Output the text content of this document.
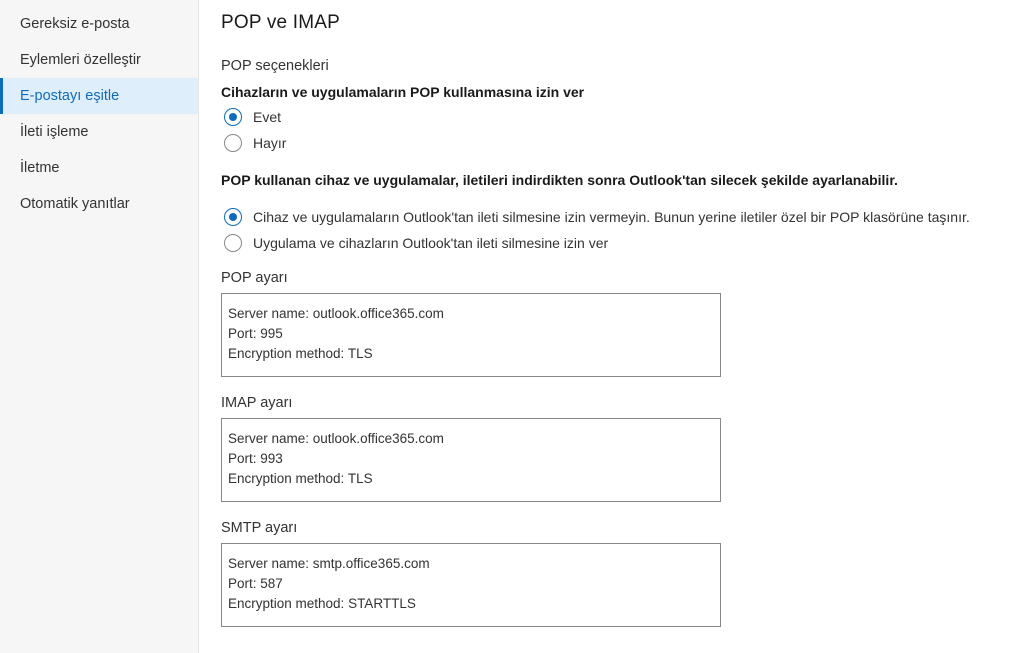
Gereksiz e-posta
Eylemleri özelleştir
E-postayı eşitle
İleti işleme
İletme
Otomatik yanıtlar
POP ve IMAP
POP seçenekleri
Cihazların ve uygulamaların POP kullanmasına izin ver
Evet
Hayır
POP kullanan cihaz ve uygulamalar, iletileri indirdikten sonra Outlook'tan silecek şekilde ayarlanabilir.
Cihaz ve uygulamaların Outlook'tan ileti silmesine izin vermeyin. Bunun yerine iletiler özel bir POP klasörüne taşınır.
Uygulama ve cihazların Outlook'tan ileti silmesine izin ver
POP ayarı
Server name: outlook.office365.com
Port: 995
Encryption method: TLS
IMAP ayarı
Server name: outlook.office365.com
Port: 993
Encryption method: TLS
SMTP ayarı
Server name: smtp.office365.com
Port: 587
Encryption method: STARTTLS
